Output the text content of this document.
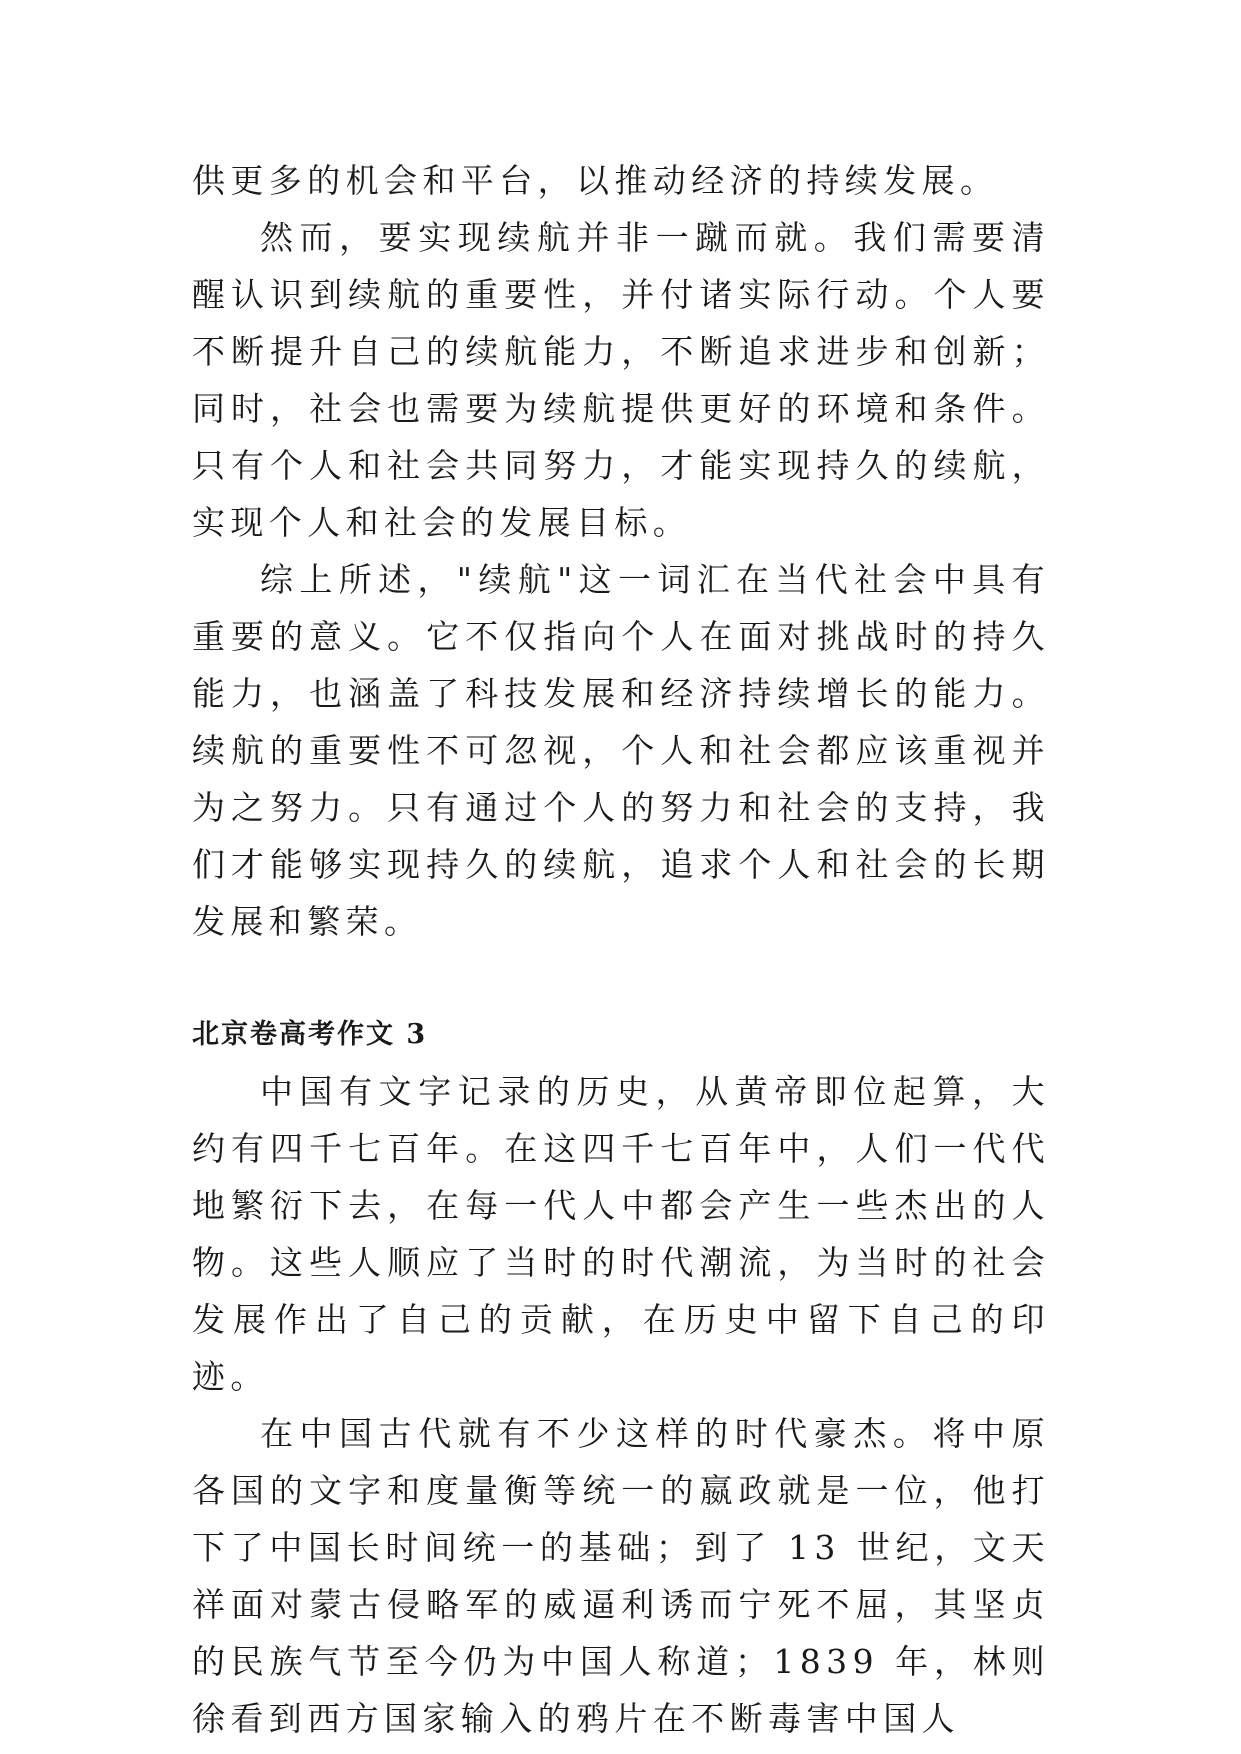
供更多的机会和平台，以推动经济的持续发展。

然而，要实现续航并非一蹴而就。我们需要清醒认识到续航的重要性，并付诸实际行动。个人要不断提升自己的续航能力，不断追求进步和创新；同时，社会也需要为续航提供更好的环境和条件。只有个人和社会共同努力，才能实现持久的续航，实现个人和社会的发展目标。

综上所述，"续航"这一词汇在当代社会中具有重要的意义。它不仅指向个人在面对挑战时的持久能力，也涵盖了科技发展和经济持续增长的能力。续航的重要性不可忽视，个人和社会都应该重视并为之努力。只有通过个人的努力和社会的支持，我们才能够实现持久的续航，追求个人和社会的长期发展和繁荣。

北京卷高考作文 3

中国有文字记录的历史，从黄帝即位起算，大约有四千七百年。在这四千七百年中，人们一代代地繁衍下去，在每一代人中都会产生一些杰出的人物。这些人顺应了当时的时代潮流，为当时的社会发展作出了自己的贡献，在历史中留下自己的印迹。

在中国古代就有不少这样的时代豪杰。将中原各国的文字和度量衡等统一的嬴政就是一位，他打下了中国长时间统一的基础；到了 13 世纪，文天祥面对蒙古侵略军的威逼利诱而宁死不屈，其坚贞的民族气节至今仍为中国人称道；1839 年，林则徐看到西方国家输入的鸦片在不断毒害中国人
